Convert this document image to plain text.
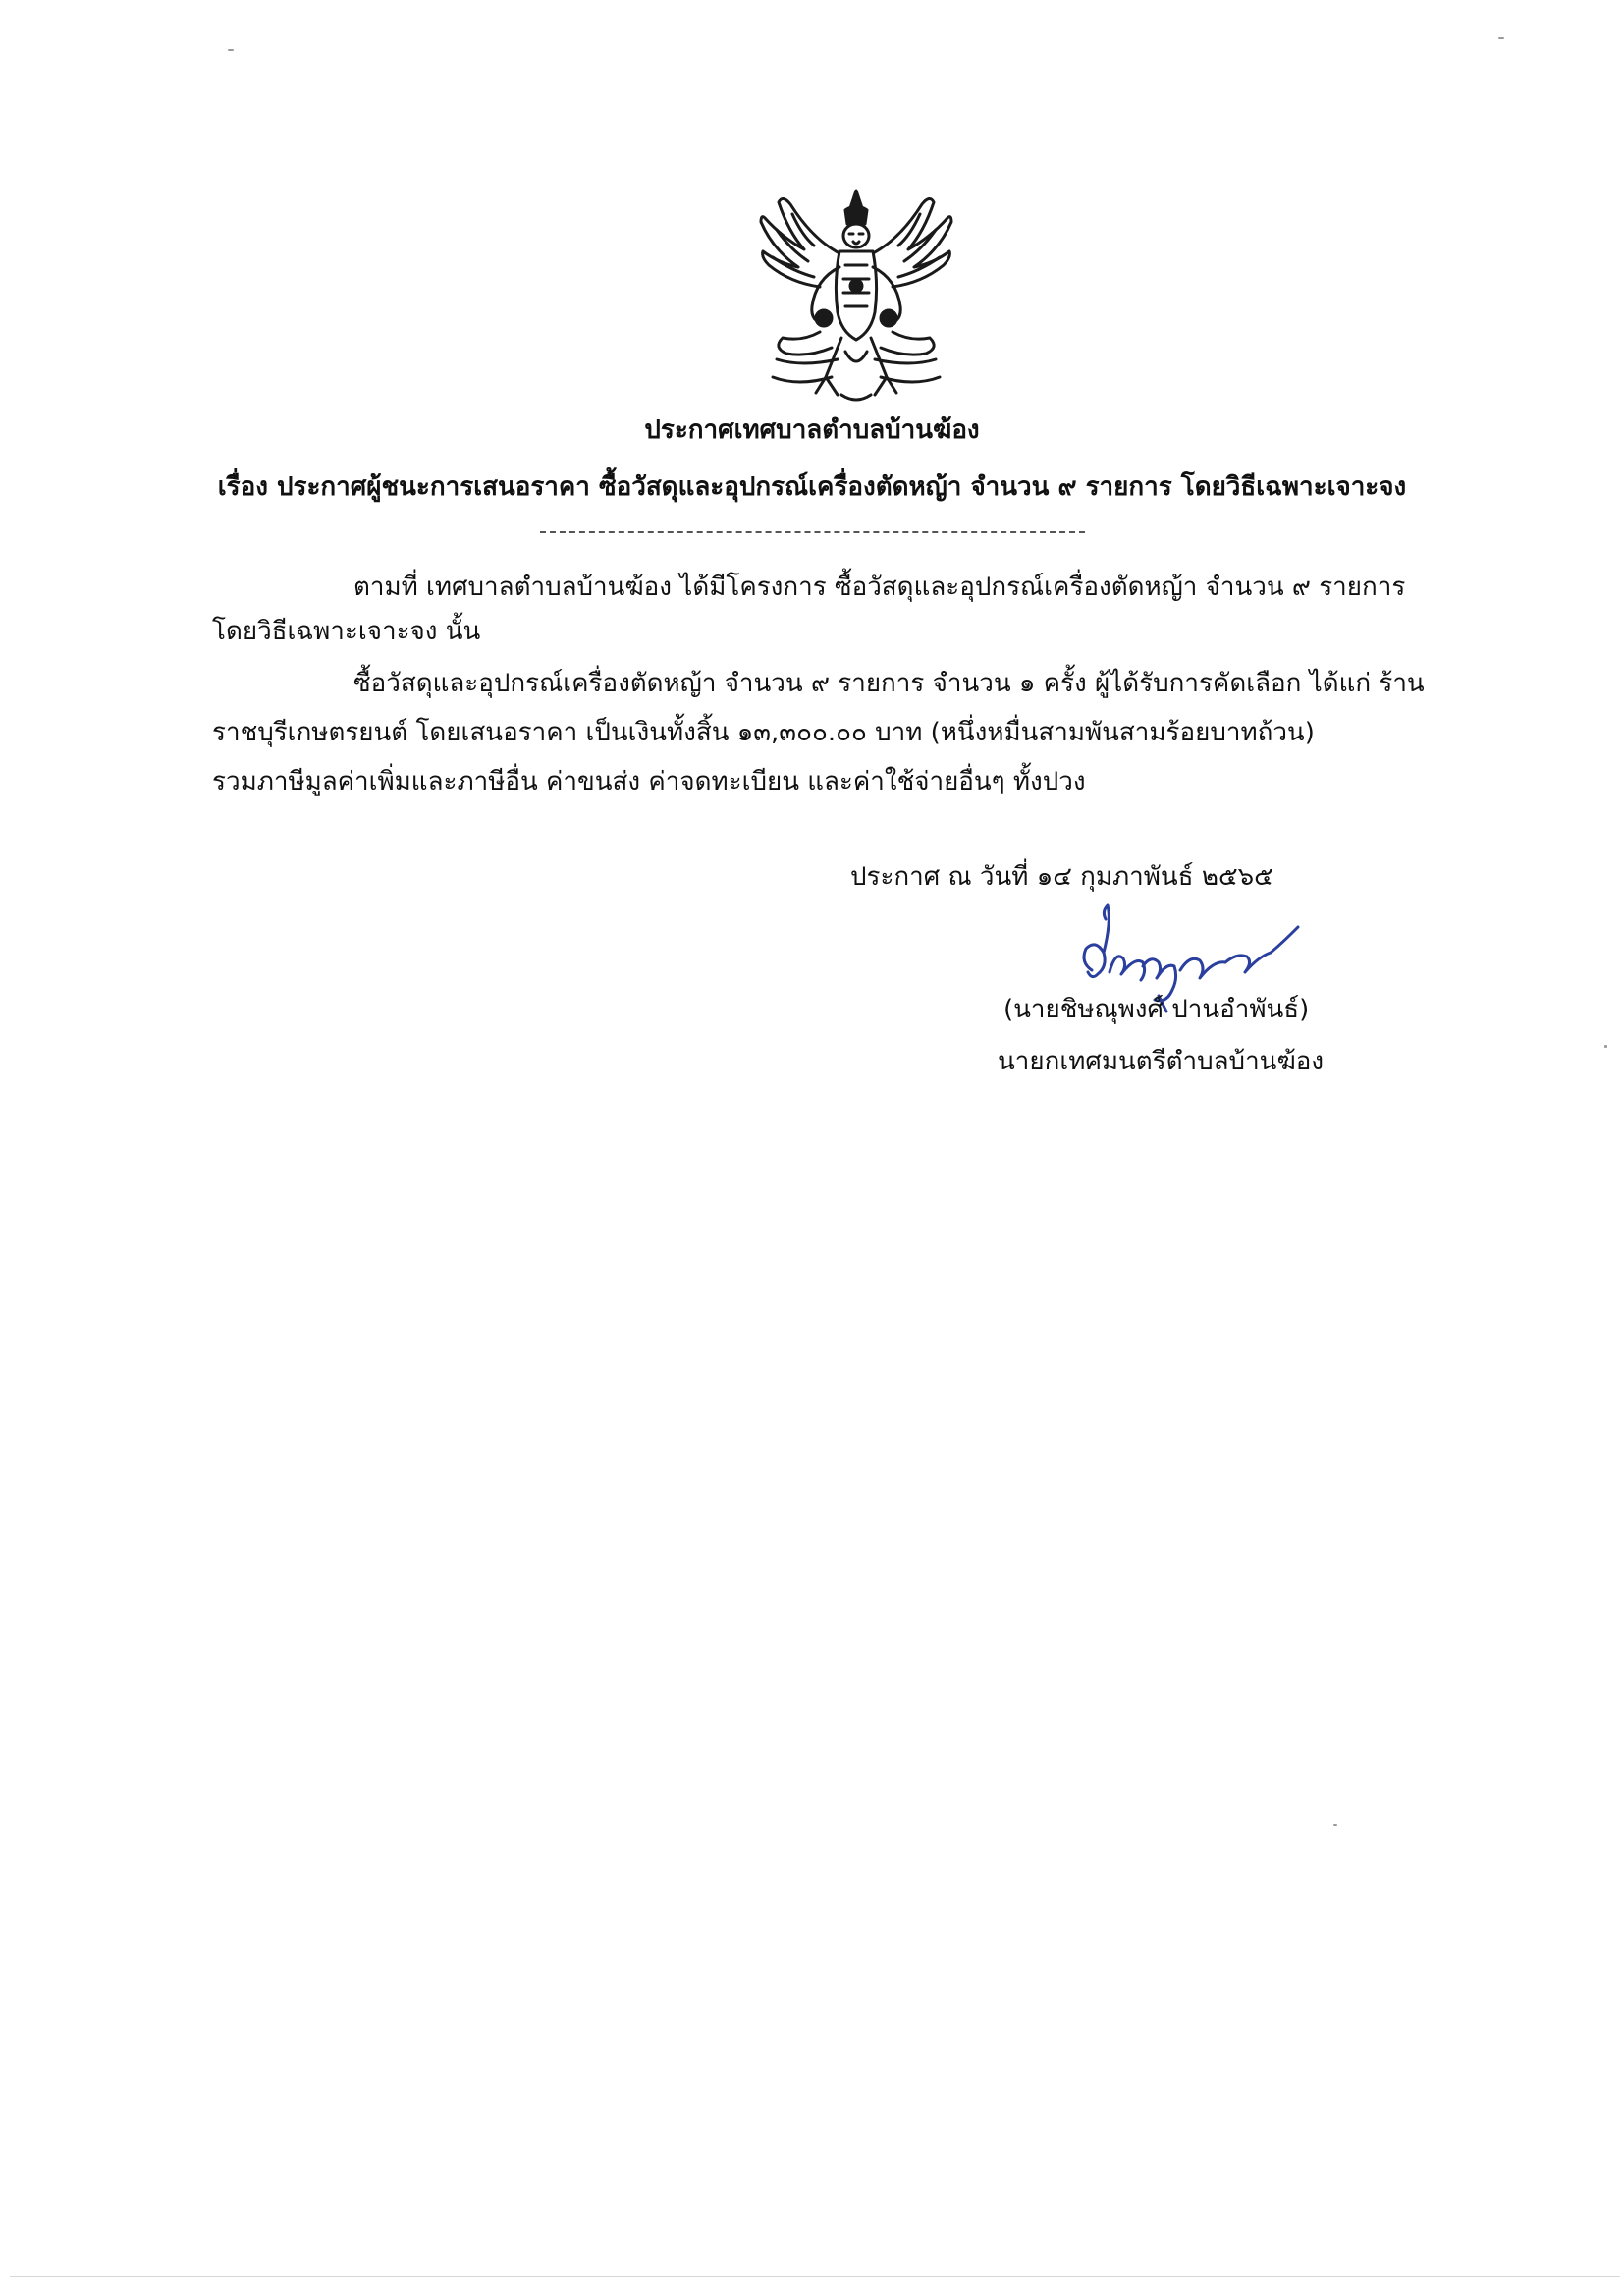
ประกาศเทศบาลตำบลบ้านฆ้อง
เรื่อง ประกาศผู้ชนะการเสนอราคา ซื้อวัสดุและอุปกรณ์เครื่องตัดหญ้า จำนวน ๙ รายการ โดยวิธีเฉพาะเจาะจง
ตามที่ เทศบาลตำบลบ้านฆ้อง ได้มีโครงการ ซื้อวัสดุและอุปกรณ์เครื่องตัดหญ้า จำนวน ๙ รายการ
โดยวิธีเฉพาะเจาะจง นั้น
ซื้อวัสดุและอุปกรณ์เครื่องตัดหญ้า จำนวน ๙ รายการ จำนวน ๑ ครั้ง ผู้ได้รับการคัดเลือก ได้แก่ ร้าน
ราชบุรีเกษตรยนต์ โดยเสนอราคา เป็นเงินทั้งสิ้น ๑๓,๓๐๐.๐๐ บาท (หนึ่งหมื่นสามพันสามร้อยบาทถ้วน)
รวมภาษีมูลค่าเพิ่มและภาษีอื่น ค่าขนส่ง ค่าจดทะเบียน และค่าใช้จ่ายอื่นๆ ทั้งปวง
ประกาศ ณ วันที่ ๑๔ กุมภาพันธ์ ๒๕๖๕
(นายชิษณุพงศ์ ปานอำพันธ์)
นายกเทศมนตรีตำบลบ้านฆ้อง
